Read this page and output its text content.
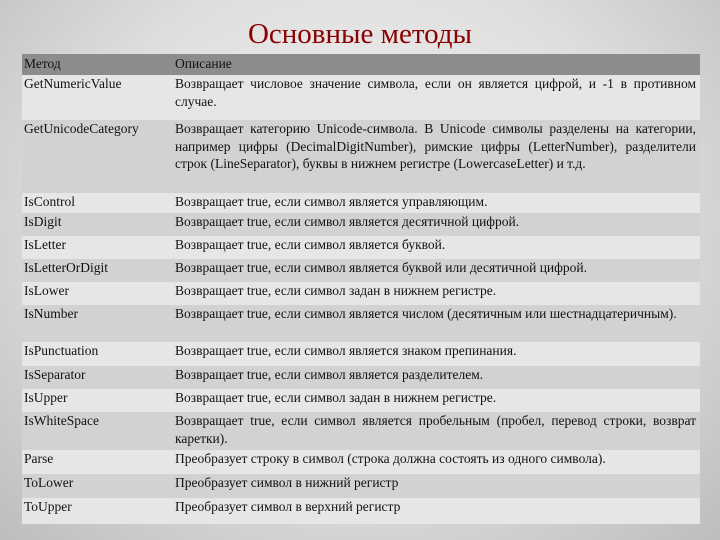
Основные методы
Метод	Описание
GetNumericValue	Возвращает числовое значение символа, если он является цифрой, и -1 в противном случае.
GetUnicodeCategory	Возвращает категорию Unicode-символа. В Unicode символы разделены на категории, например цифры (DecimalDigitNumber), римские цифры (LetterNumber), разделители строк (LineSeparator), буквы в нижнем регистре (LowercaseLetter) и т.д.
IsControl	Возвращает true, если символ является управляющим.
IsDigit	Возвращает true, если символ является десятичной цифрой.
IsLetter	Возвращает true, если символ является буквой.
IsLetterOrDigit	Возвращает true, если символ является буквой или десятичной цифрой.
IsLower	Возвращает true, если символ задан в нижнем регистре.
IsNumber	Возвращает true, если символ является числом (десятичным или шестнадцатеричным).
IsPunctuation	Возвращает true, если символ является знаком препинания.
IsSeparator	Возвращает true, если символ является разделителем.
IsUpper	Возвращает true, если символ задан в нижнем регистре.
IsWhiteSpace	Возвращает true, если символ является пробельным (пробел, перевод строки, возврат каретки).
Parse	Преобразует строку в символ (строка должна состоять из одного символа).
ToLower	Преобразует символ в нижний регистр
ToUpper	Преобразует символ в верхний регистр
